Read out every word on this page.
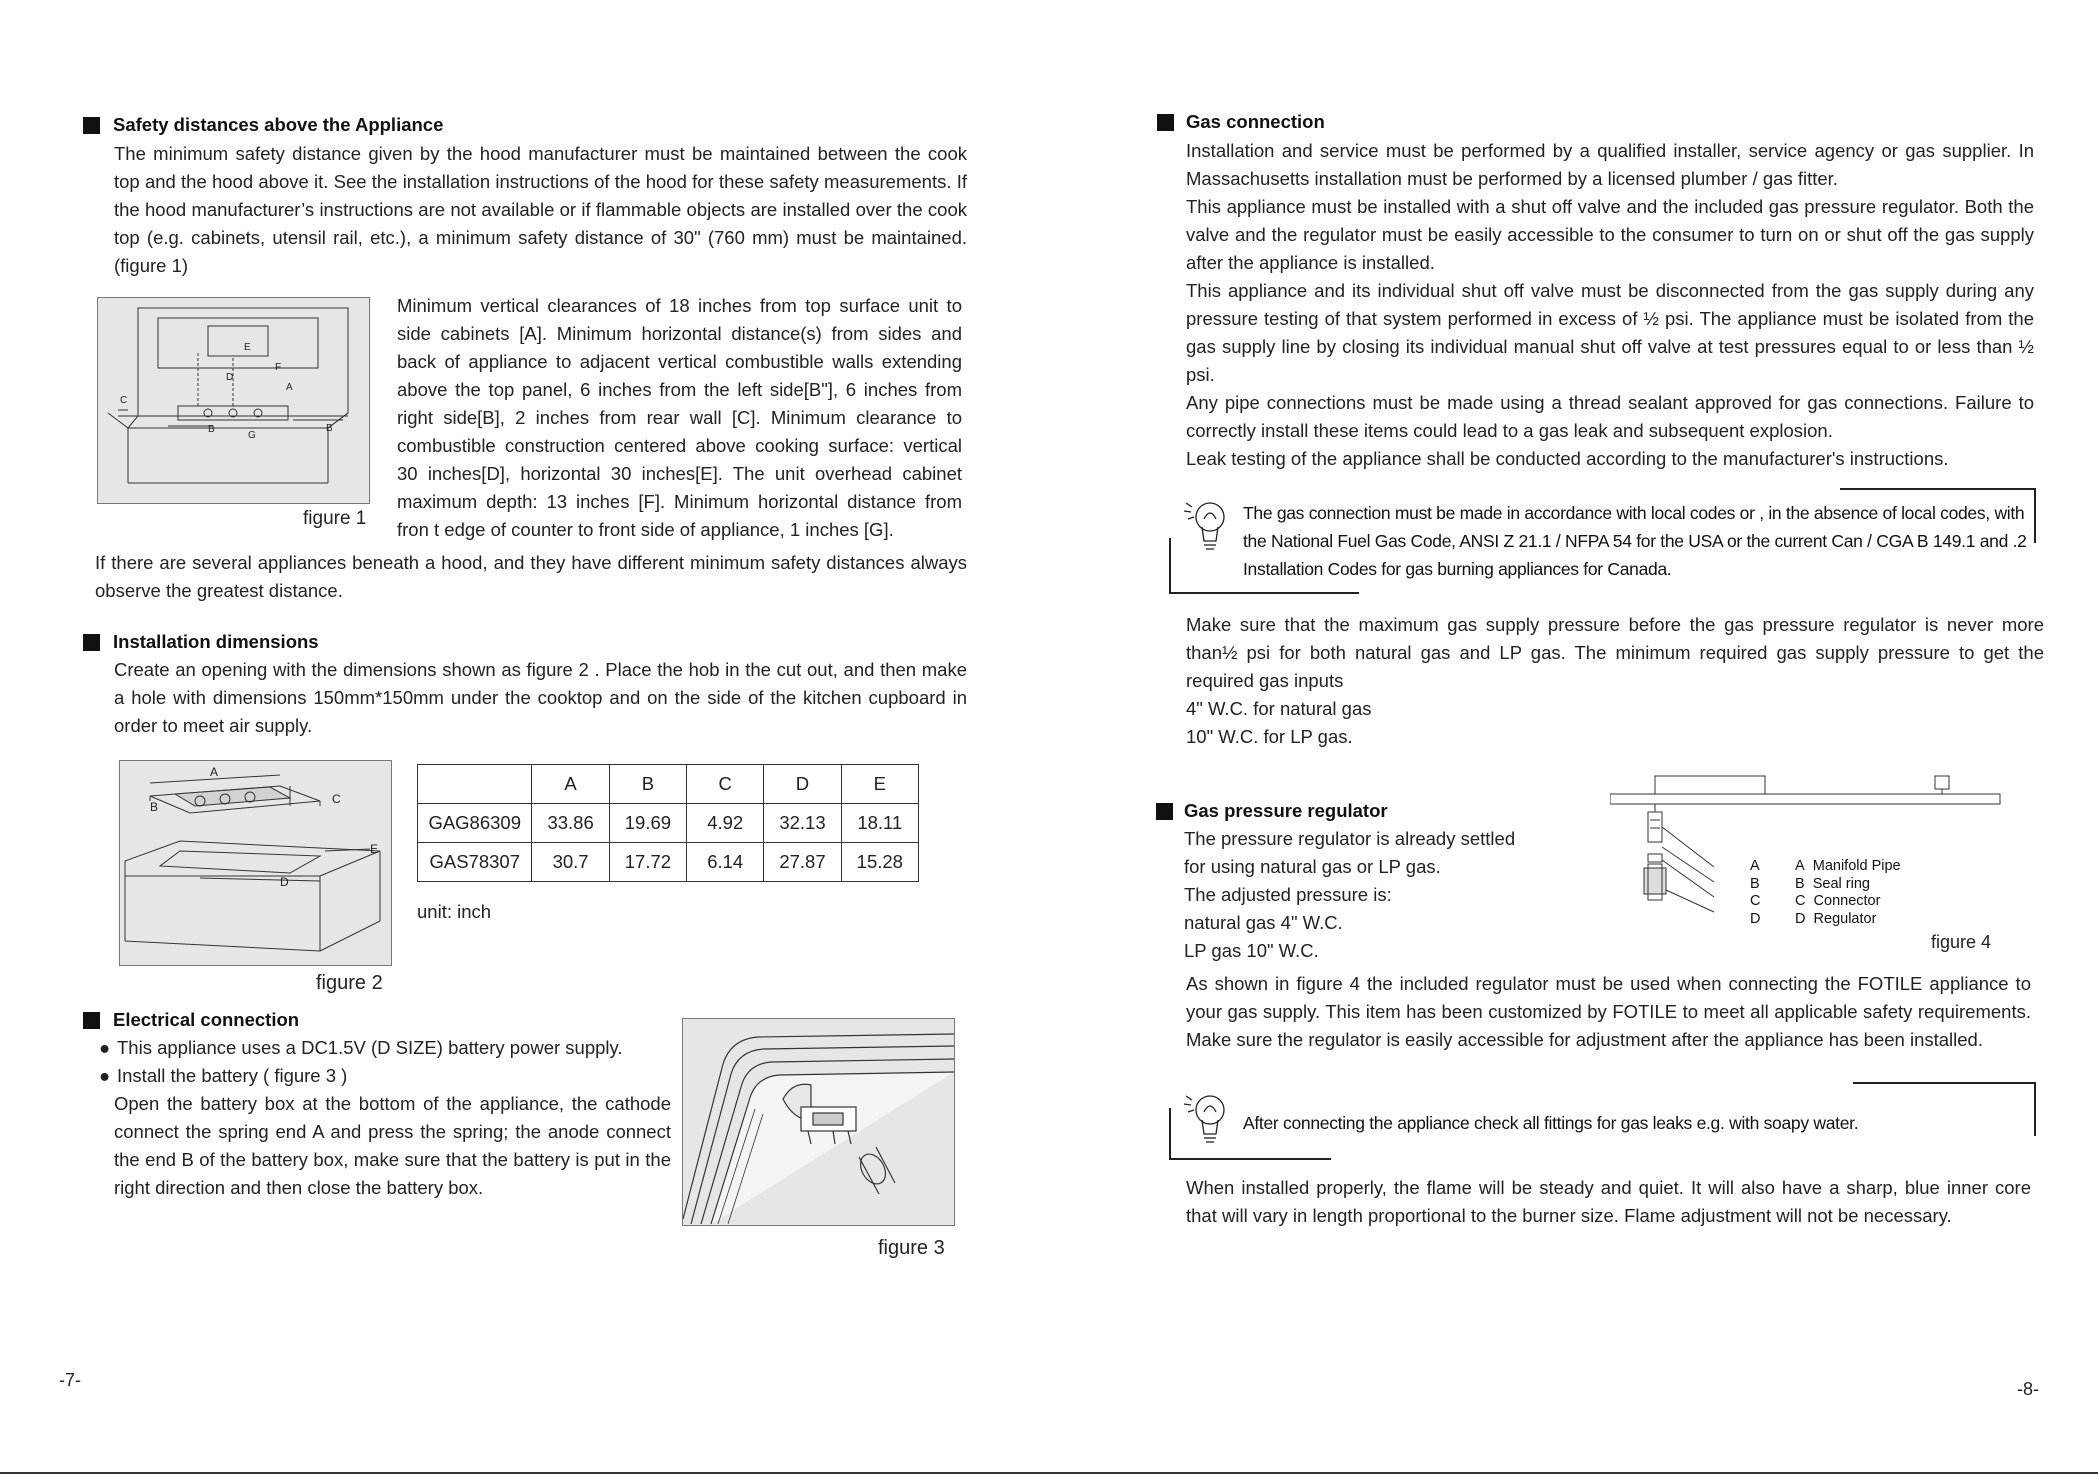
Safety distances above the Appliance
The minimum safety distance given by the hood manufacturer must be maintained between the cook top and the hood above it. See the installation instructions of the hood for these safety measurements. If the hood manufacturer’s instructions are not available or if flammable objects are installed over the cook top (e.g. cabinets, utensil rail, etc.), a minimum safety distance of 30" (760 mm) must be maintained. (figure 1)
A
B	B
C
D
E
F
G
figure 1
Minimum vertical clearances of 18 inches from top surface unit to side cabinets [A]. Minimum horizontal distance(s) from sides and back of appliance to adjacent vertical combustible walls extending above the top panel, 6 inches from the left side[B"], 6 inches from right side[B], 2 inches from rear wall [C]. Minimum clearance to combustible construction centered above cooking surface: vertical 30 inches[D], horizontal 30 inches[E]. The unit overhead cabinet maximum depth: 13 inches [F]. Minimum horizontal distance from fron t edge of counter to front side of appliance, 1 inches [G].
If there are several appliances beneath a hood, and they have different minimum safety distances always observe the greatest distance.
Installation dimensions
Create an opening with the dimensions shown as figure 2 . Place the hob in the cut out, and then make a hole with dimensions 150mm*150mm under the cooktop and on the side of the kitchen cupboard in order to meet air supply.
A
B
C
D
E
figure 2
	A	B	C	D	E
GAG86309	33.86	19.69	4.92	32.13	18.11
GAS78307	30.7	17.72	6.14	27.87	15.28
unit: inch
Electrical connection
● This appliance uses a DC1.5V (D SIZE) battery power supply.
● Install the battery ( figure 3 )
Open the battery box at the bottom of the appliance, the cathode connect the spring end A and press the spring; the anode connect the end B of the battery box, make sure that the battery is put in the right direction and then close the battery box.
figure 3
-7-
Gas connection

Installation and service must be performed by a qualified installer, service agency or gas supplier. In Massachusetts installation must be performed by a licensed plumber / gas fitter.

This appliance must be installed with a shut off valve and the included gas pressure regulator. Both the valve and the regulator must be easily accessible to the consumer to turn on or shut off the gas supply after the appliance is installed.

This appliance and its individual shut off valve must be disconnected from the gas supply during any pressure testing of that system performed in excess of ½ psi. The appliance must be isolated from the gas supply line by closing its individual manual shut off valve at test pressures equal to or less than ½ psi.

Any pipe connections must be made using a thread sealant approved for gas connections. Failure to correctly install these items could lead to a gas leak and subsequent explosion.

Leak testing of the appliance shall be conducted according to the manufacturer's instructions.

The gas connection must be made in accordance with local codes or , in the absence of local codes, with the National Fuel Gas Code, ANSI Z 21.1 / NFPA 54 for the USA or the current Can / CGA B 149.1 and .2 Installation Codes for gas burning appliances for Canada.

Make sure that the maximum gas supply pressure before the gas pressure regulator is never more than½ psi for both natural gas and LP gas. The minimum required gas supply pressure to get the required gas inputs

4" W.C. for natural gas

10" W.C. for LP gas.

Gas pressure regulator

The pressure regulator is already settled

for using natural gas or LP gas.

The adjusted pressure is:

natural gas 4" W.C.

LP gas 10" W.C.

A
B
C
D
A Manifold Pipe
B Seal ring
C Connector
D Regulator
figure 4
As shown in figure 4 the included regulator must be used when connecting the FOTILE appliance to your gas supply. This item has been customized by FOTILE to meet all applicable safety requirements. Make sure the regulator is easily accessible for adjustment after the appliance has been installed.
After connecting the appliance check all fittings for gas leaks e.g. with soapy water.
When installed properly, the flame will be steady and quiet. It will also have a sharp, blue inner core that will vary in length proportional to the burner size. Flame adjustment will not be necessary.
-8-
